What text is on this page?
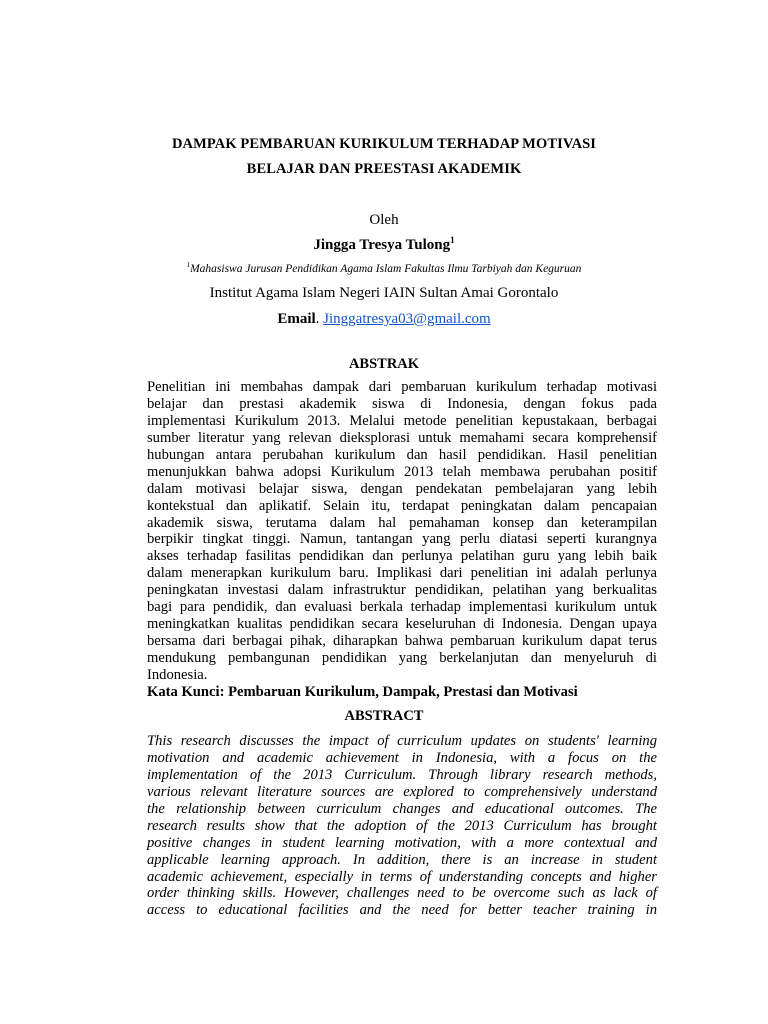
DAMPAK PEMBARUAN KURIKULUM TERHADAP MOTIVASI
BELAJAR DAN PREESTASI AKADEMIK
Oleh
Jingga Tresya Tulong$^1$
$^1$Mahasiswa Jurusan Pendidikan Agama Islam Fakultas Ilmu Tarbiyah dan Keguruan
Institut Agama Islam Negeri IAIN Sultan Amai Gorontalo
Email. Jinggatresya03@gmail.com
ABSTRAK
Penelitian ini membahas dampak dari pembaruan kurikulum terhadap motivasi
belajar dan prestasi akademik siswa di Indonesia, dengan fokus pada
implementasi Kurikulum 2013. Melalui metode penelitian kepustakaan, berbagai
sumber literatur yang relevan dieksplorasi untuk memahami secara komprehensif
hubungan antara perubahan kurikulum dan hasil pendidikan. Hasil penelitian
menunjukkan bahwa adopsi Kurikulum 2013 telah membawa perubahan positif
dalam motivasi belajar siswa, dengan pendekatan pembelajaran yang lebih
kontekstual dan aplikatif. Selain itu, terdapat peningkatan dalam pencapaian
akademik siswa, terutama dalam hal pemahaman konsep dan keterampilan
berpikir tingkat tinggi. Namun, tantangan yang perlu diatasi seperti kurangnya
akses terhadap fasilitas pendidikan dan perlunya pelatihan guru yang lebih baik
dalam menerapkan kurikulum baru. Implikasi dari penelitian ini adalah perlunya
peningkatan investasi dalam infrastruktur pendidikan, pelatihan yang berkualitas
bagi para pendidik, dan evaluasi berkala terhadap implementasi kurikulum untuk
meningkatkan kualitas pendidikan secara keseluruhan di Indonesia. Dengan upaya
bersama dari berbagai pihak, diharapkan bahwa pembaruan kurikulum dapat terus
mendukung pembangunan pendidikan yang berkelanjutan dan menyeluruh di
Indonesia.
Kata Kunci: Pembaruan Kurikulum, Dampak, Prestasi dan Motivasi
ABSTRACT
This research discusses the impact of curriculum updates on students' learning
motivation and academic achievement in Indonesia, with a focus on the
implementation of the 2013 Curriculum. Through library research methods,
various relevant literature sources are explored to comprehensively understand
the relationship between curriculum changes and educational outcomes. The
research results show that the adoption of the 2013 Curriculum has brought
positive changes in student learning motivation, with a more contextual and
applicable learning approach. In addition, there is an increase in student
academic achievement, especially in terms of understanding concepts and higher
order thinking skills. However, challenges need to be overcome such as lack of
access to educational facilities and the need for better teacher training in
